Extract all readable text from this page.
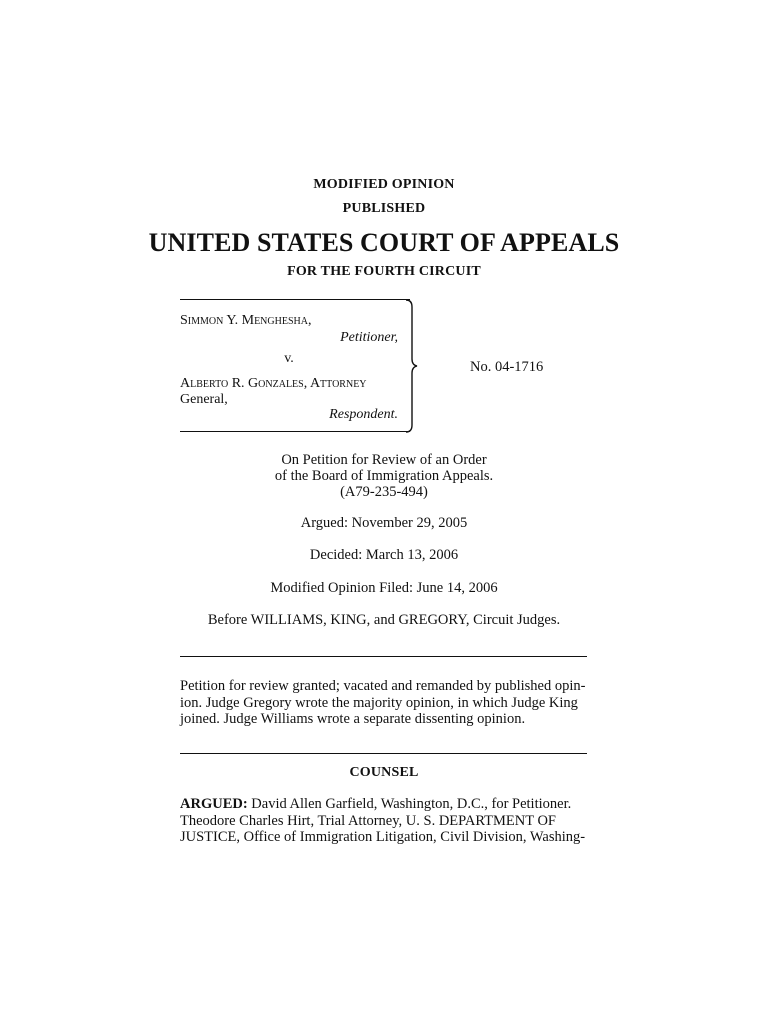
MODIFIED OPINION
PUBLISHED
UNITED STATES COURT OF APPEALS
FOR THE FOURTH CIRCUIT
Simmon Y. Menghesha,
Petitioner,
v.
Alberto R. Gonzales, Attorney
General,
Respondent.
No. 04-1716
On Petition for Review of an Order
of the Board of Immigration Appeals.
(A79-235-494)
Argued: November 29, 2005
Decided: March 13, 2006
Modified Opinion Filed: June 14, 2006
Before WILLIAMS, KING, and GREGORY, Circuit Judges.
Petition for review granted; vacated and remanded by published opin-
ion. Judge Gregory wrote the majority opinion, in which Judge King
joined. Judge Williams wrote a separate dissenting opinion.
COUNSEL
ARGUED: David Allen Garfield, Washington, D.C., for Petitioner.
Theodore Charles Hirt, Trial Attorney, U. S. DEPARTMENT OF
JUSTICE, Office of Immigration Litigation, Civil Division, Washing-
